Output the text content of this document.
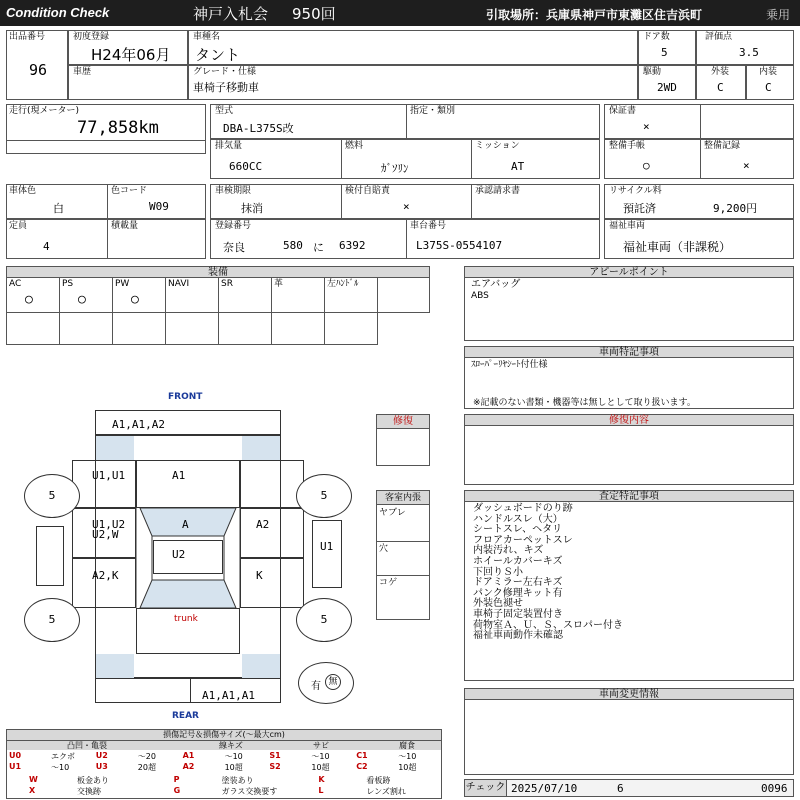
Condition Check	神戸入札会 950回	引取場所：兵庫県神戸市東灘区住吉浜町	乗用
出品番号
96
初度登録
H24年06月
車種名
タント
車歴	グレード・仕様
車椅子移動車
ドア数
5
評価点
3.5
駆動
2WD
外装
C
内装
C
走行(現メーター)
77,858km
型式
DBA-L375S改
指定・類別	保証書
×
排気量
660CC
燃料
ｶﾞｿﾘﾝ
ミッション
AT
整備手帳
○
整備記録
×
車体色
白
色コード
W09
車検期限
抹消
検付自賠責
×
承認請求書	リサイクル料
預託済	9,200円
定員
4
積載量	登録番号
奈良	580 に 6392
車台番号
L375S-0554107
福祉車両
福祉車両（非課税）
装備
AC
○
PS
○
PW
○
NAVI	SR	革	左ﾊﾝﾄﾞﾙ
アピールポイント
エアバッグ
ABS
車両特記事項
ｽﾛｰﾊﾟｰﾘﾔｼｰﾄ付仕様
※記載のない書類・機器等は無しとして取り扱います。
修復内容
査定特記事項
ダッシュボードのり跡
ハンドルスレ（大）
シートスレ、ヘタリ
フロアカーペットスレ
内装汚れ、キズ
ホイールカバーキズ
下回りＳ小
ドアミラー左右キズ
パンク修理キット有
外装色褪せ
車椅子固定装置付き
荷物室Ａ、Ｕ、Ｓ、スロパー付き
福祉車両動作未確認
車両変更情報
チェック 2025/07/10	6	0096
修復
客室内張
ヤブレ
穴
コゲ
FRONT
REAR
5	5
5	5
有 無
A1,A1,A2
U1,U1	A1
U1,U2
U2,W
A
U2
A2
U1
A2,K	K
trunk
A1,A1,A1
損傷記号＆損傷サイズ(〜最大cm)
凸凹・亀裂	線キズ	サビ	腐食
U0	エクボ	U2	〜20	A1	〜10	S1	〜10	C1	〜10
U1	〜10	U3	20超	A2	10超	S2	10超	C2	10超
W	板金あり	P	塗装あり	K	看板跡
X	交換跡	G	ガラス交換要す	L	レンズ割れ
